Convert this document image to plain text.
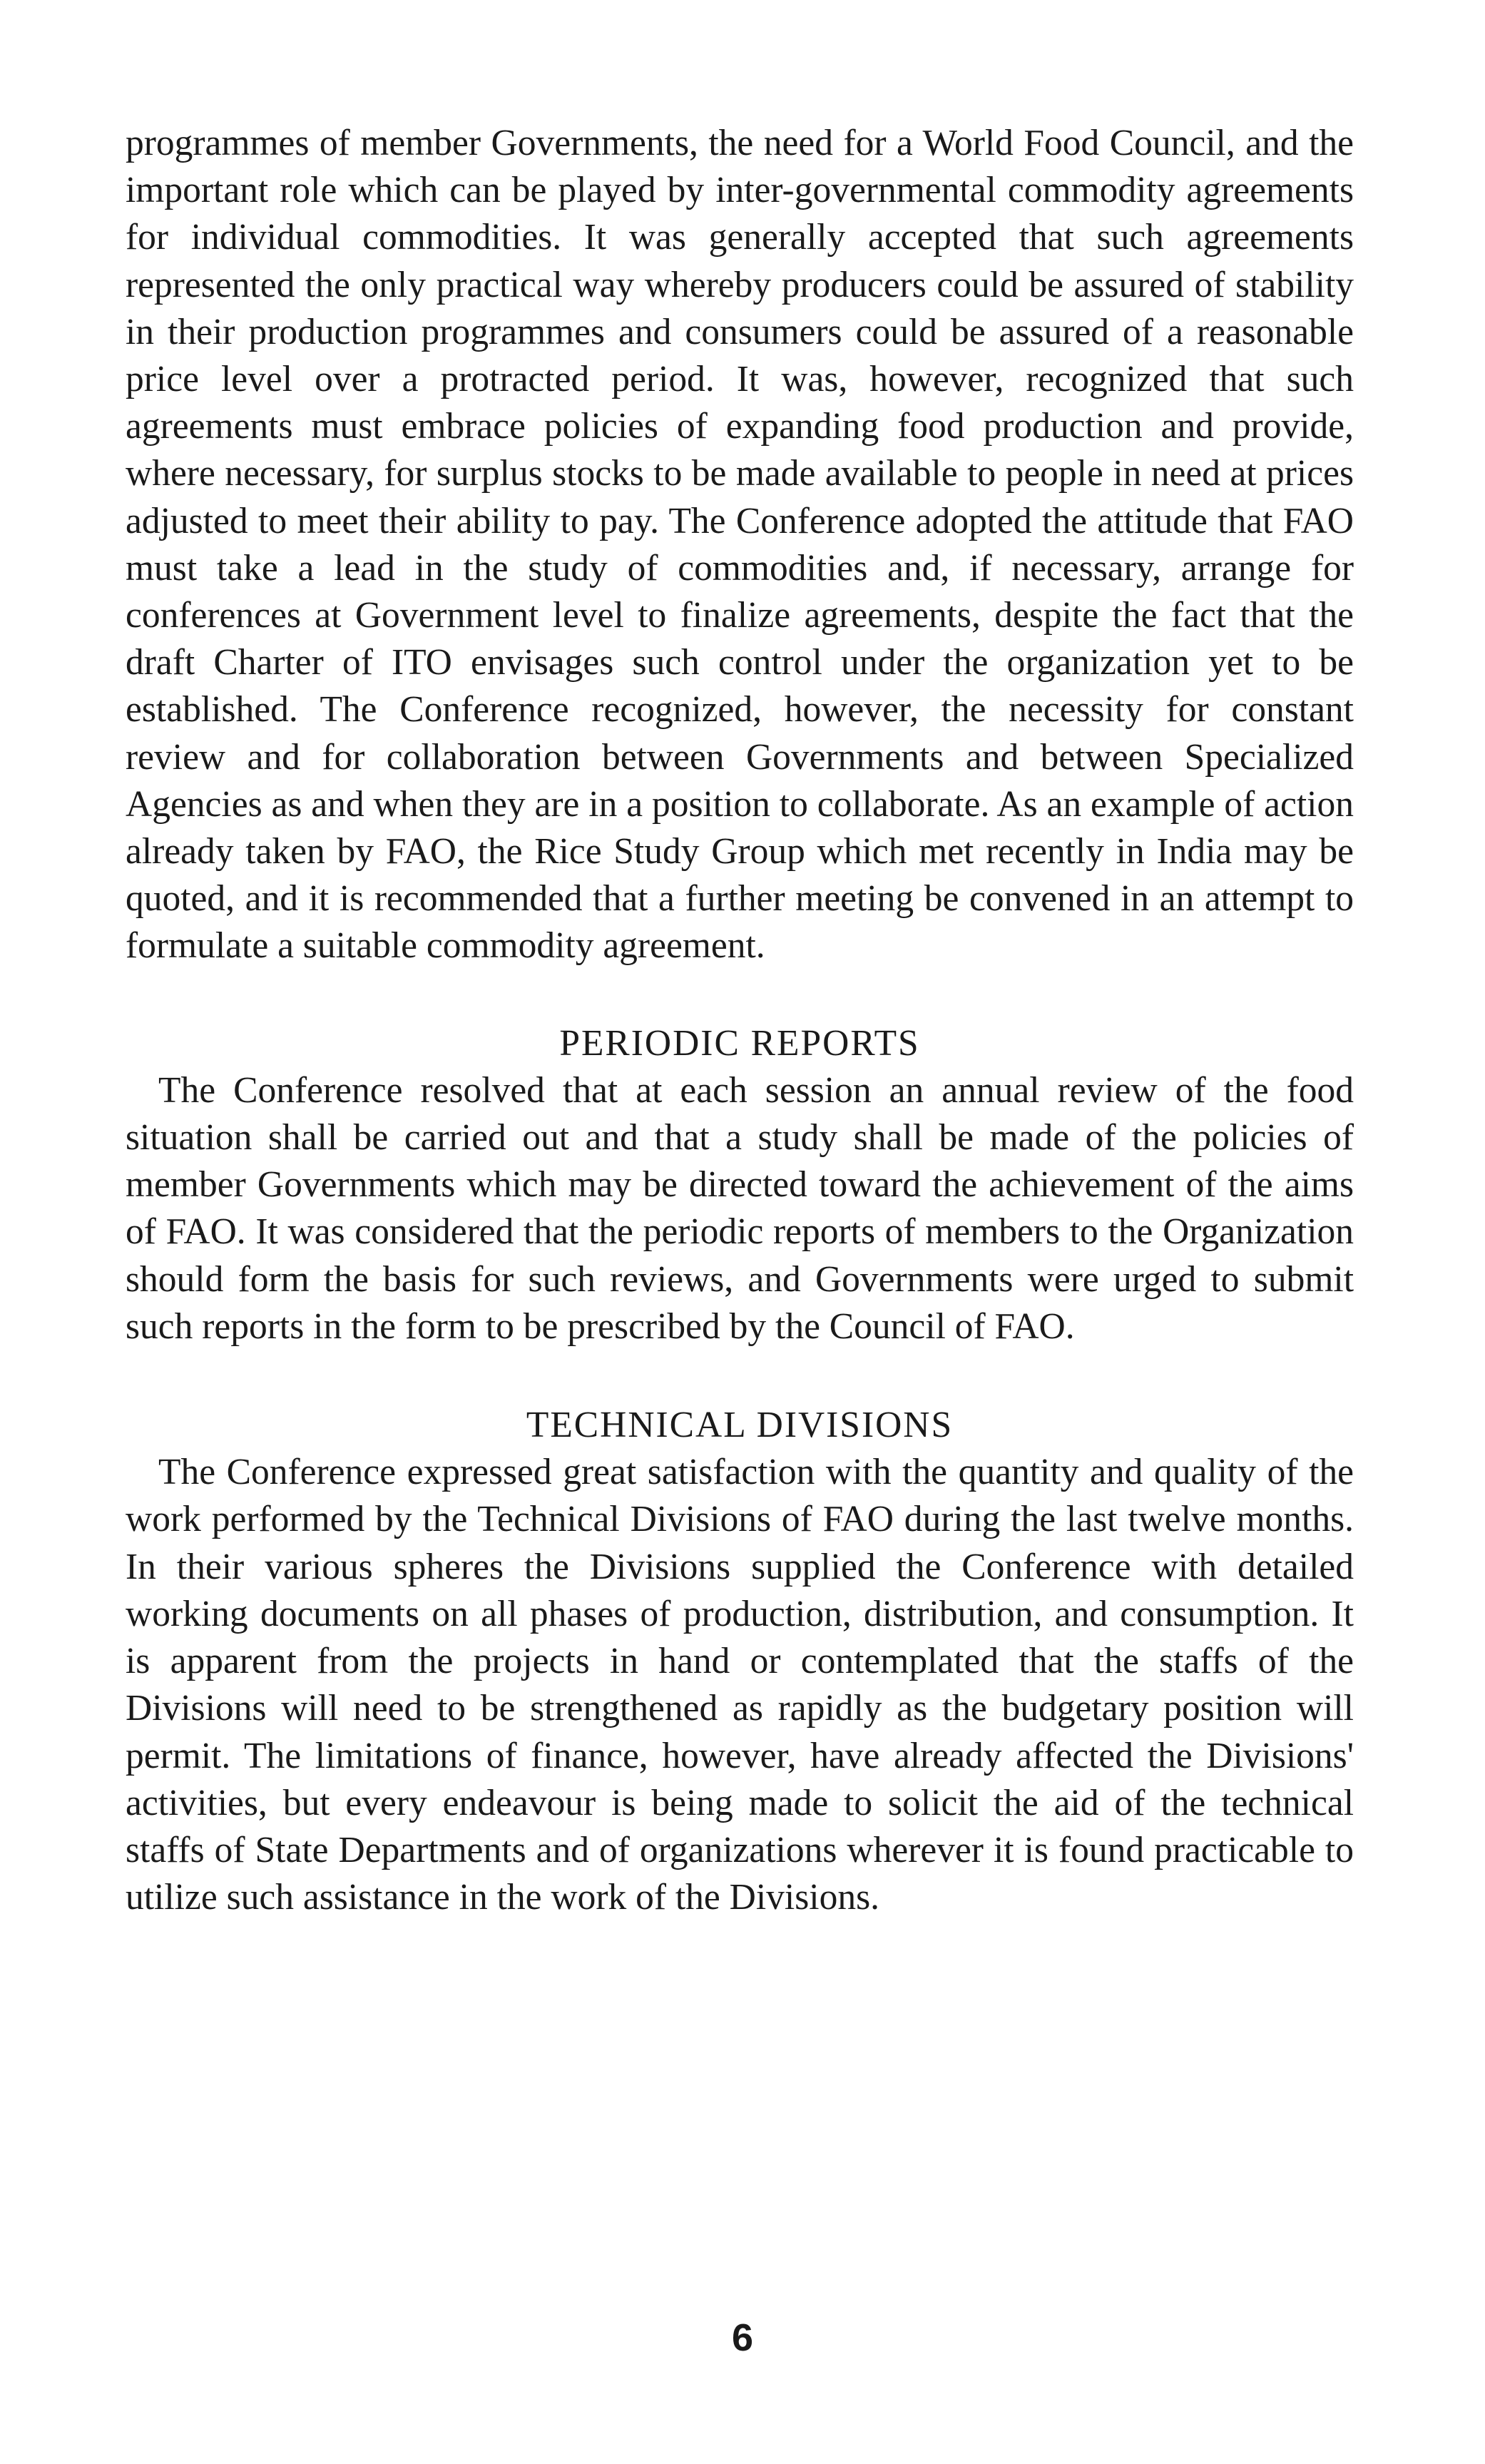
programmes of member Governments, the need for a World Food Council, and the important role which can be played by inter-governmental commodity agreements for individual commodities. It was generally accepted that such agreements represented the only practical way whereby producers could be assured of stability in their production programmes and consumers could be assured of a reasonable price level over a protracted period. It was, however, recognized that such agreements must embrace policies of expanding food production and provide, where necessary, for surplus stocks to be made available to people in need at prices adjusted to meet their ability to pay. The Conference adopted the attitude that FAO must take a lead in the study of commodities and, if necessary, arrange for conferences at Government level to finalize agreements, despite the fact that the draft Charter of ITO envisages such control under the organization yet to be established. The Conference recognized, however, the necessity for constant review and for collaboration between Governments and between Specialized Agencies as and when they are in a position to collaborate. As an example of action already taken by FAO, the Rice Study Group which met recently in India may be quoted, and it is recommended that a further meeting be convened in an attempt to formulate a suitable commodity agreement.

PERIODIC REPORTS

The Conference resolved that at each session an annual review of the food situation shall be carried out and that a study shall be made of the policies of member Governments which may be directed toward the achievement of the aims of FAO. It was considered that the periodic reports of members to the Organization should form the basis for such reviews, and Governments were urged to submit such reports in the form to be prescribed by the Council of FAO.

TECHNICAL DIVISIONS

The Conference expressed great satisfaction with the quantity and quality of the work performed by the Technical Divisions of FAO during the last twelve months. In their various spheres the Divisions supplied the Conference with detailed working documents on all phases of production, distribution, and consumption. It is apparent from the projects in hand or contemplated that the staffs of the Divisions will need to be strengthened as rapidly as the budgetary position will permit. The limitations of finance, however, have already affected the Divisions' activities, but every endeavour is being made to solicit the aid of the technical staffs of State Departments and of organizations wherever it is found practicable to utilize such assistance in the work of the Divisions.

6
